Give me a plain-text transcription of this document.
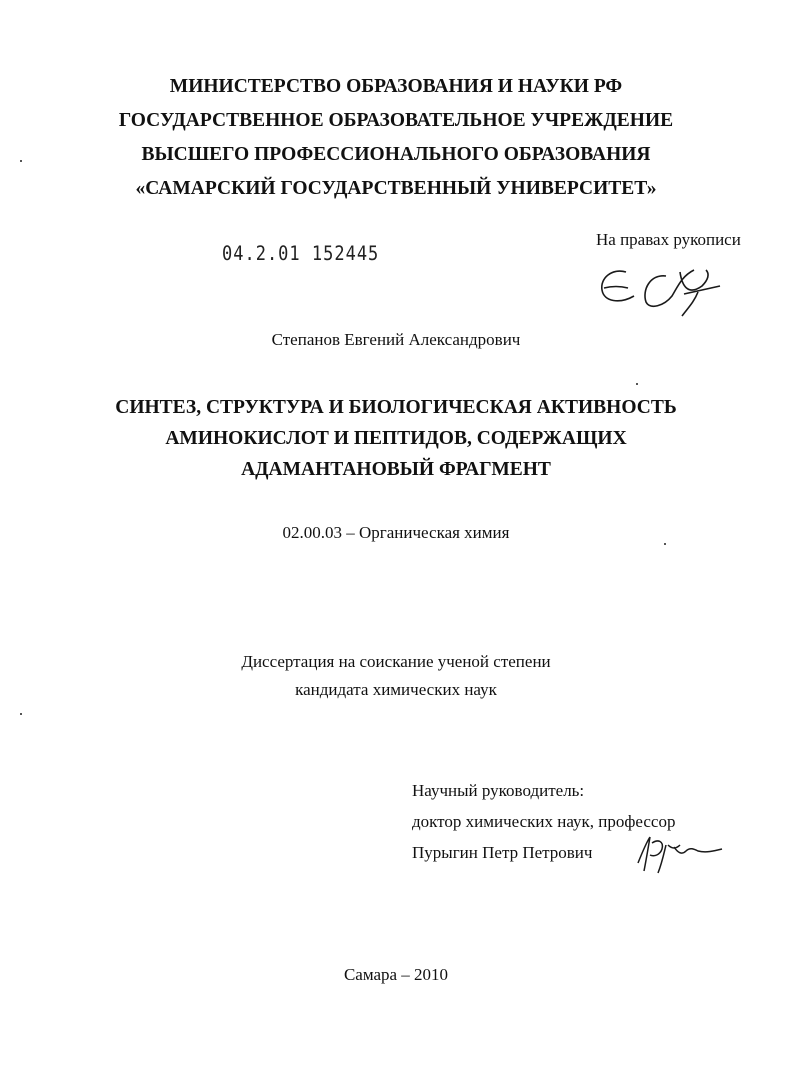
МИНИСТЕРСТВО ОБРАЗОВАНИЯ И НАУКИ РФ
ГОСУДАРСТВЕННОЕ ОБРАЗОВАТЕЛЬНОЕ УЧРЕЖДЕНИЕ
ВЫСШЕГО ПРОФЕССИОНАЛЬНОГО ОБРАЗОВАНИЯ
«САМАРСКИЙ ГОСУДАРСТВЕННЫЙ УНИВЕРСИТЕТ»
04.2.01 152445
На правах рукописи
Степанов Евгений Александрович
СИНТЕЗ, СТРУКТУРА И БИОЛОГИЧЕСКАЯ АКТИВНОСТЬ
АМИНОКИСЛОТ И ПЕПТИДОВ, СОДЕРЖАЩИХ
АДАМАНТАНОВЫЙ ФРАГМЕНТ
02.00.03 – Органическая химия
Диссертация на соискание ученой степени
кандидата химических наук
Научный руководитель:
доктор химических наук, профессор
Пурыгин Петр Петрович
Самара – 2010
